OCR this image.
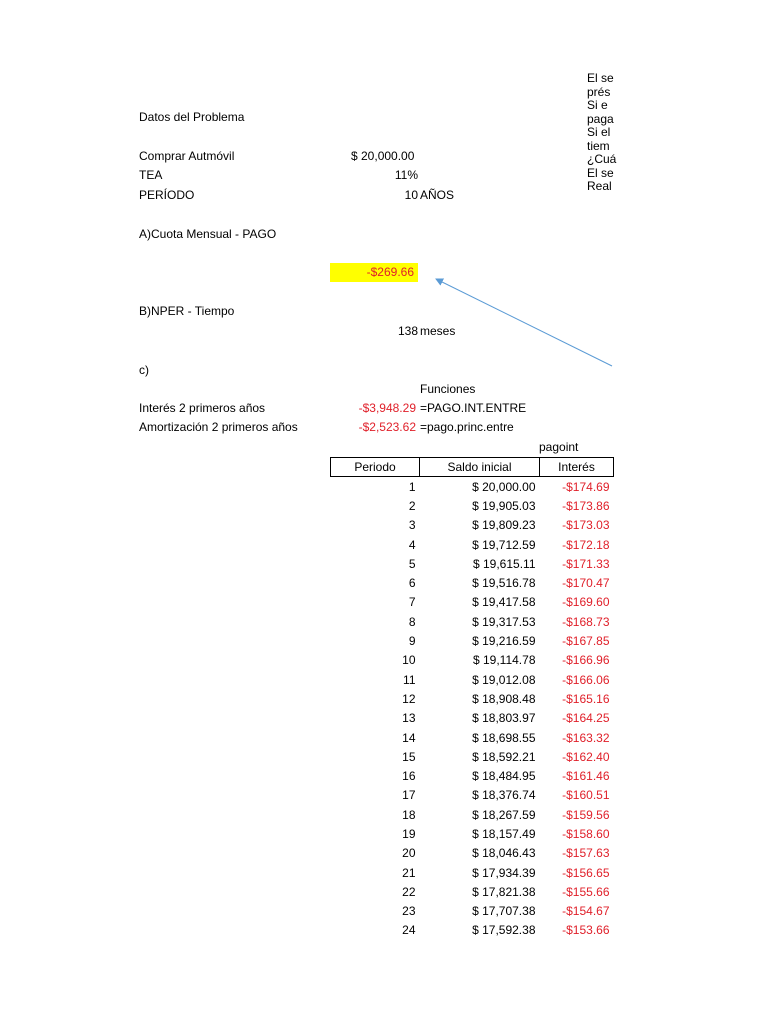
El se
prés
Si e
paga
Si el
tiem
¿Cuá
El se
Real
Datos del Problema
Comprar Autmóvil	$ 20,000.00
TEA	11%
PERÍODO	10 AÑOS
A)Cuota Mensual - PAGO
-$269.66
B)NPER - Tiempo
138 meses
c)
Funciones
Interés 2 primeros años	-$3,948.29 =PAGO.INT.ENTRE
Amortización 2 primeros años	-$2,523.62 =pago.princ.entre
pagoint
Periodo	Saldo inicial	Interés
1	$ 20,000.00	-$174.69
2	$ 19,905.03	-$173.86
3	$ 19,809.23	-$173.03
4	$ 19,712.59	-$172.18
5	$ 19,615.11	-$171.33
6	$ 19,516.78	-$170.47
7	$ 19,417.58	-$169.60
8	$ 19,317.53	-$168.73
9	$ 19,216.59	-$167.85
10	$ 19,114.78	-$166.96
11	$ 19,012.08	-$166.06
12	$ 18,908.48	-$165.16
13	$ 18,803.97	-$164.25
14	$ 18,698.55	-$163.32
15	$ 18,592.21	-$162.40
16	$ 18,484.95	-$161.46
17	$ 18,376.74	-$160.51
18	$ 18,267.59	-$159.56
19	$ 18,157.49	-$158.60
20	$ 18,046.43	-$157.63
21	$ 17,934.39	-$156.65
22	$ 17,821.38	-$155.66
23	$ 17,707.38	-$154.67
24	$ 17,592.38	-$153.66
